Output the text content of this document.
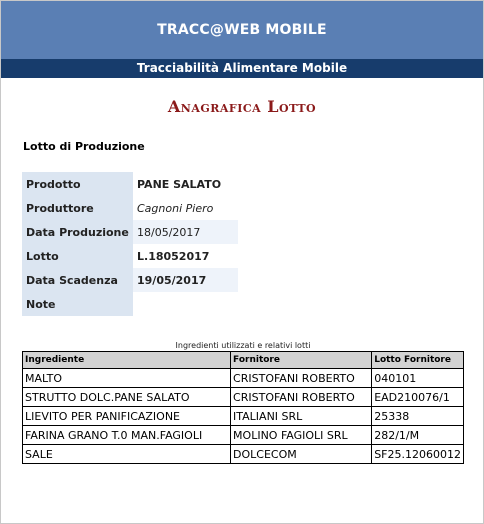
TRACC@WEB MOBILE
Tracciabilità Alimentare Mobile
Anagrafica Lotto
Lotto di Produzione
Prodotto	PANE SALATO
Produttore	Cagnoni Piero
Data Produzione	18/05/2017
Lotto	L.18052017
Data Scadenza	19/05/2017
Note	
Ingredienti utilizzati e relativi lotti
Ingrediente	Fornitore	Lotto Fornitore
MALTO	CRISTOFANI ROBERTO	040101
STRUTTO DOLC.PANE SALATO	CRISTOFANI ROBERTO	EAD210076/1
LIEVITO PER PANIFICAZIONE	ITALIANI SRL	25338
FARINA GRANO T.0 MAN.FAGIOLI	MOLINO FAGIOLI SRL	282/1/M
SALE	DOLCECOM	SF25.12060012
